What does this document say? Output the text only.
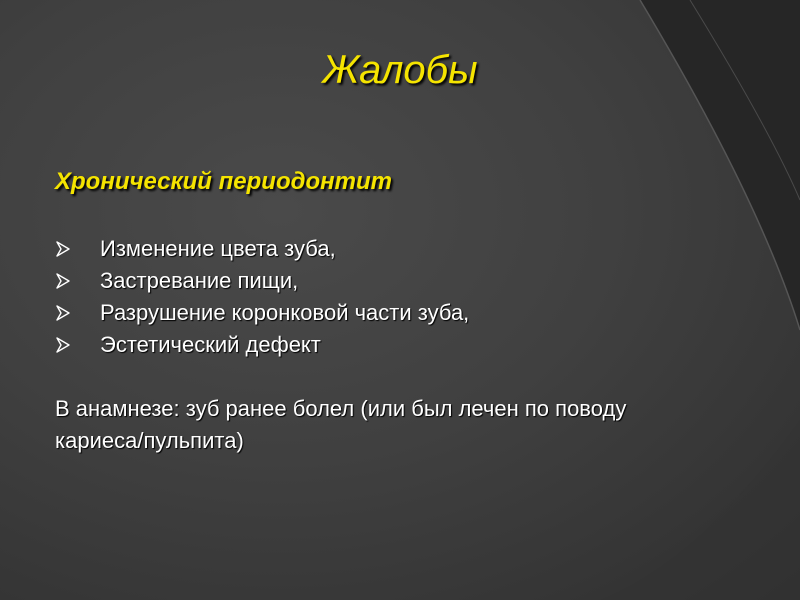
Жалобы
Хронический периодонтит
Изменение цвета зуба,
Застревание пищи,
Разрушение коронковой части зуба,
Эстетический дефект

В анамнезе: зуб ранее болел (или был лечен по поводу кариеса/пульпита)
